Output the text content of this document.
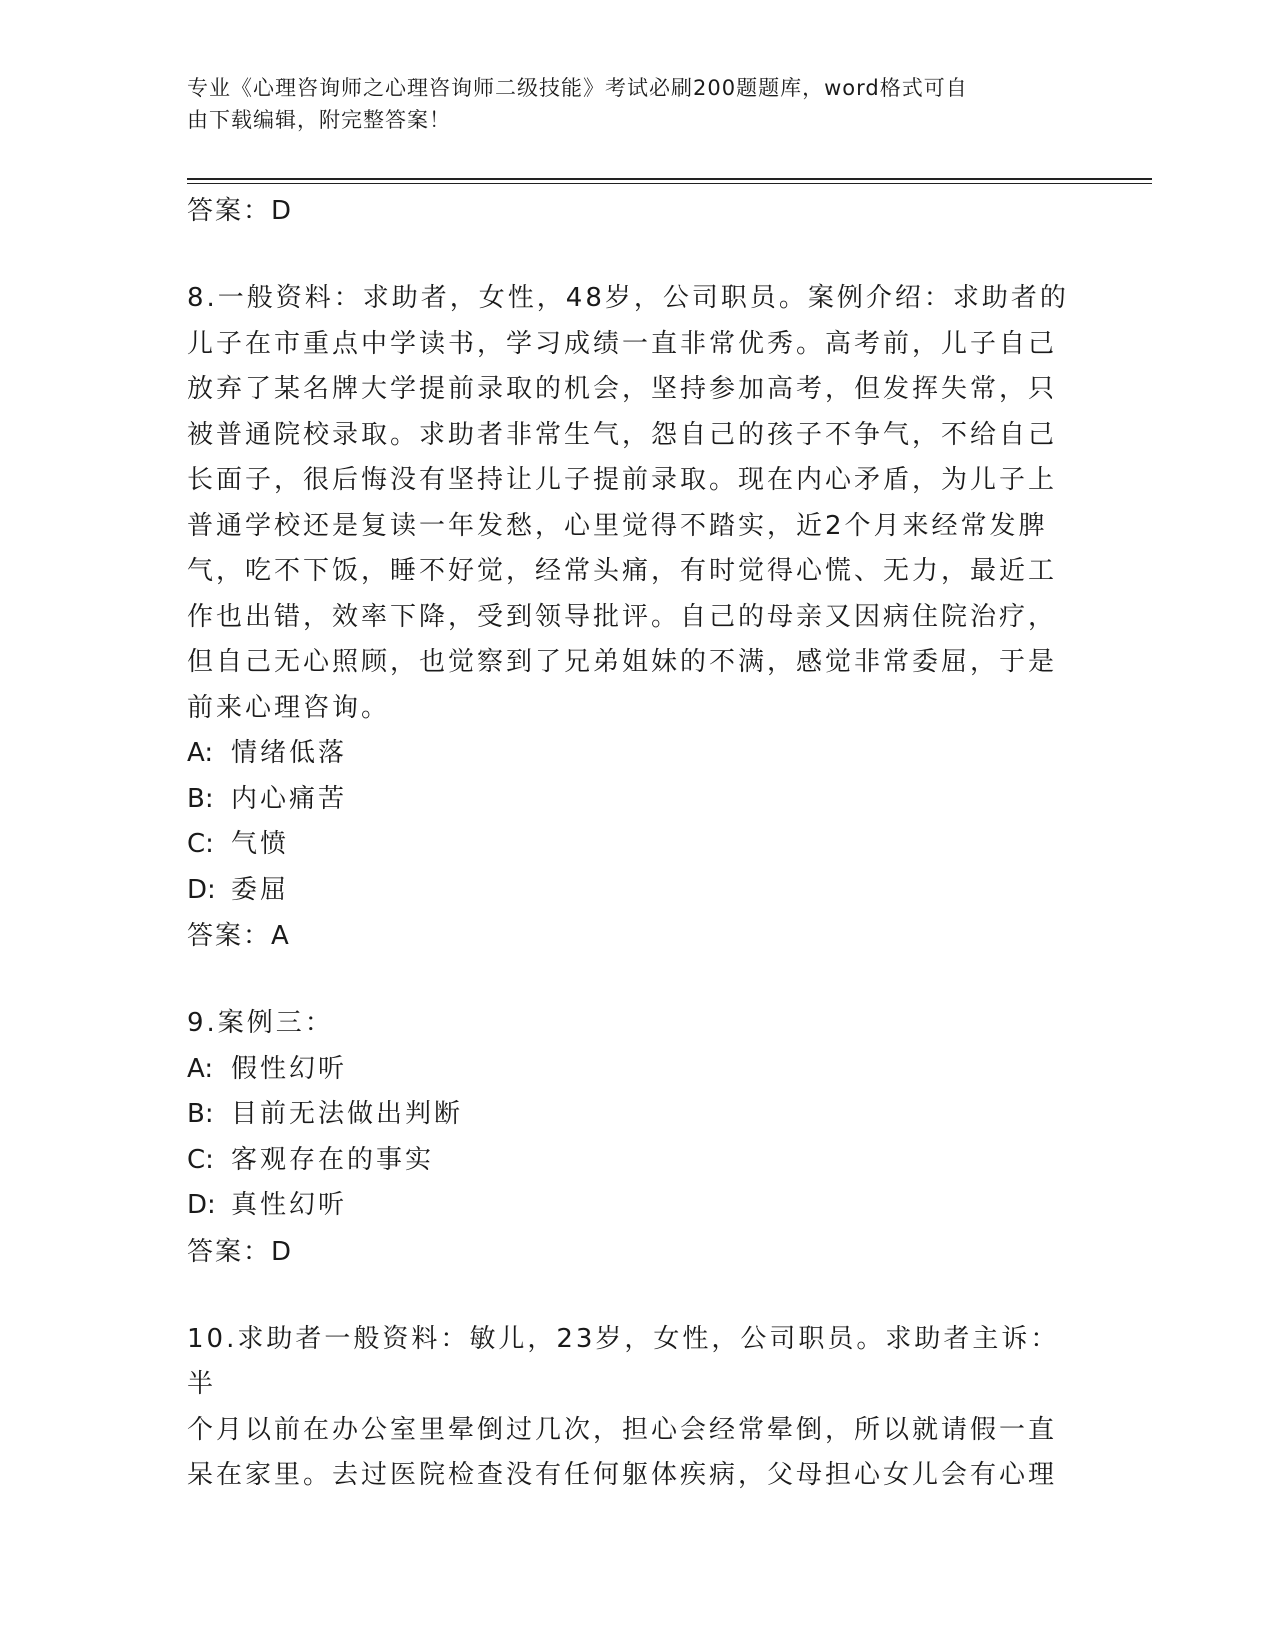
专业《心理咨询师之心理咨询师二级技能》考试必刷200题题库，word格式可自
由下载编辑，附完整答案！
答案：D
8.一般资料：求助者，女性，48岁，公司职员。案例介绍：求助者的
儿子在市重点中学读书，学习成绩一直非常优秀。高考前，儿子自己
放弃了某名牌大学提前录取的机会，坚持参加高考，但发挥失常，只
被普通院校录取。求助者非常生气，怨自己的孩子不争气，不给自己
长面子，很后悔没有坚持让儿子提前录取。现在内心矛盾，为儿子上
普通学校还是复读一年发愁，心里觉得不踏实，近2个月来经常发脾
气，吃不下饭，睡不好觉，经常头痛，有时觉得心慌、无力，最近工
作也出错，效率下降，受到领导批评。自己的母亲又因病住院治疗，
但自己无心照顾，也觉察到了兄弟姐妹的不满，感觉非常委屈，于是
前来心理咨询。
A: 情绪低落
B: 内心痛苦
C: 气愤
D: 委屈
答案：A
9.案例三：
A: 假性幻听
B: 目前无法做出判断
C: 客观存在的事实
D: 真性幻听
答案：D
10.求助者一般资料：敏儿，23岁，女性，公司职员。求助者主诉：半
个月以前在办公室里晕倒过几次，担心会经常晕倒，所以就请假一直
呆在家里。去过医院检查没有任何躯体疾病，父母担心女儿会有心理
